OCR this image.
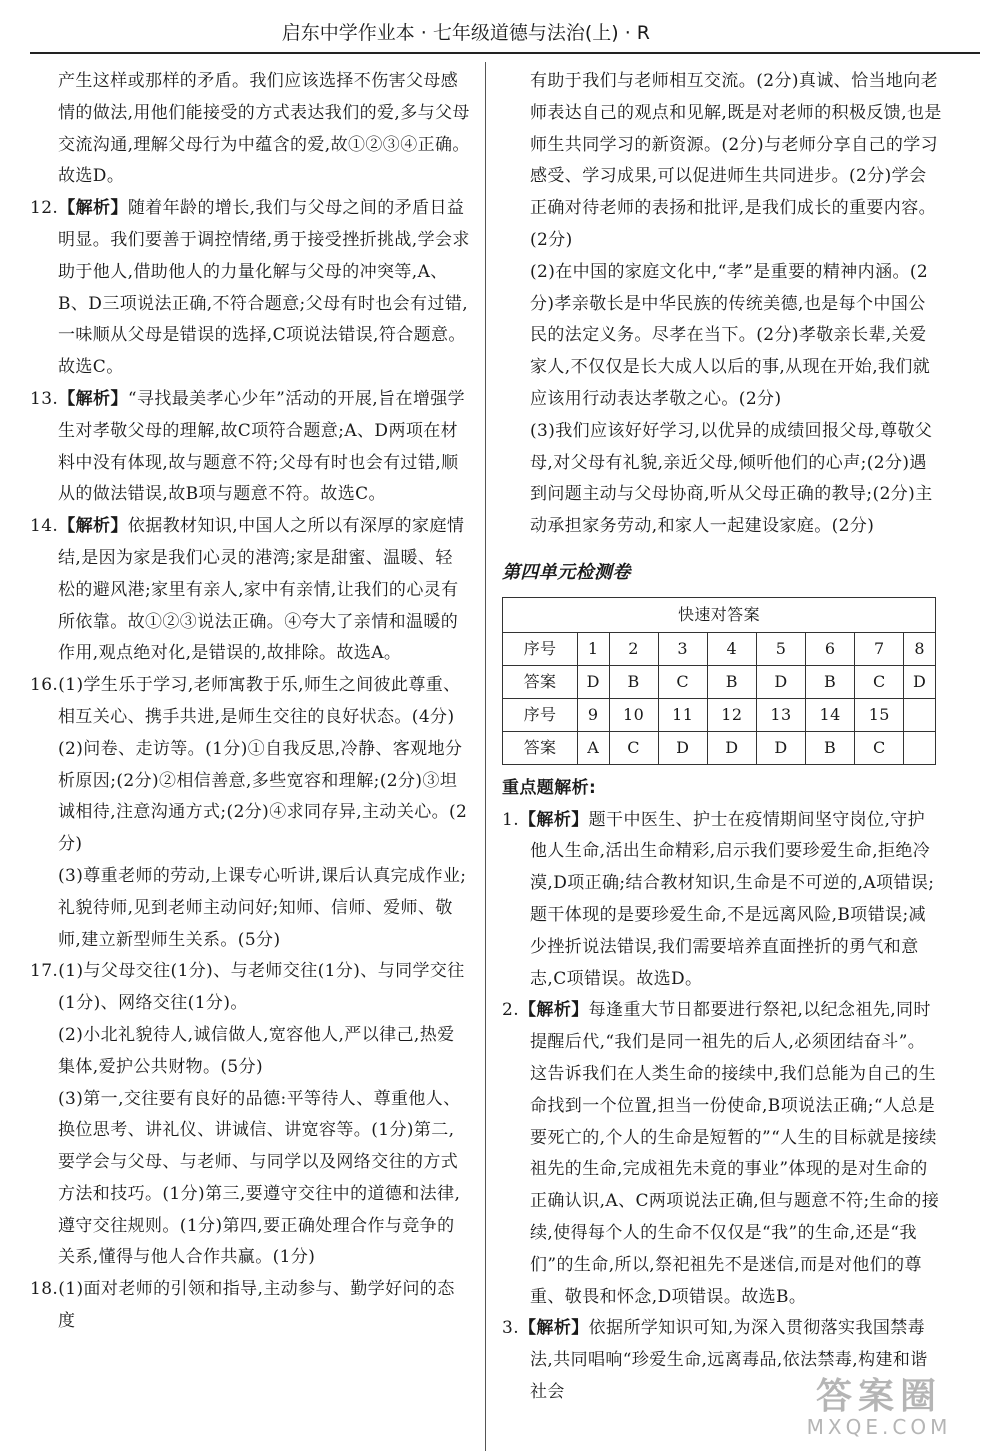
启东中学作业本 · 七年级道德与法治(上) · R

产生这样或那样的矛盾。我们应该选择不伤害父母感情的做法,用他们能接受的方式表达我们的爱,多与父母交流沟通,理解父母行为中蕴含的爱,故①②③④正确。故选D。

12.【解析】随着年龄的增长,我们与父母之间的矛盾日益明显。我们要善于调控情绪,勇于接受挫折挑战,学会求助于他人,借助他人的力量化解与父母的冲突等,A、B、D三项说法正确,不符合题意;父母有时也会有过错,一味顺从父母是错误的选择,C项说法错误,符合题意。故选C。

13.【解析】“寻找最美孝心少年”活动的开展,旨在增强学生对孝敬父母的理解,故C项符合题意;A、D两项在材料中没有体现,故与题意不符;父母有时也会有过错,顺从的做法错误,故B项与题意不符。故选C。

14.【解析】依据教材知识,中国人之所以有深厚的家庭情结,是因为家是我们心灵的港湾;家是甜蜜、温暖、轻松的避风港;家里有亲人,家中有亲情,让我们的心灵有所依靠。故①②③说法正确。④夸大了亲情和温暖的作用,观点绝对化,是错误的,故排除。故选A。

16.(1)学生乐于学习,老师寓教于乐,师生之间彼此尊重、相互关心、携手共进,是师生交往的良好状态。(4分)

(2)问卷、走访等。(1分)①自我反思,冷静、客观地分析原因;(2分)②相信善意,多些宽容和理解;(2分)③坦诚相待,注意沟通方式;(2分)④求同存异,主动关心。(2分)

(3)尊重老师的劳动,上课专心听讲,课后认真完成作业;礼貌待师,见到老师主动问好;知师、信师、爱师、敬师,建立新型师生关系。(5分)

17.(1)与父母交往(1分)、与老师交往(1分)、与同学交往(1分)、网络交往(1分)。

(2)小北礼貌待人,诚信做人,宽容他人,严以律己,热爱集体,爱护公共财物。(5分)

(3)第一,交往要有良好的品德:平等待人、尊重他人、换位思考、讲礼仪、讲诚信、讲宽容等。(1分)第二,要学会与父母、与老师、与同学以及网络交往的方式方法和技巧。(1分)第三,要遵守交往中的道德和法律,遵守交往规则。(1分)第四,要正确处理合作与竞争的关系,懂得与他人合作共赢。(1分)

18.(1)面对老师的引领和指导,主动参与、勤学好问的态度

有助于我们与老师相互交流。(2分)真诚、恰当地向老师表达自己的观点和见解,既是对老师的积极反馈,也是师生共同学习的新资源。(2分)与老师分享自己的学习感受、学习成果,可以促进师生共同进步。(2分)学会正确对待老师的表扬和批评,是我们成长的重要内容。(2分)

(2)在中国的家庭文化中,“孝”是重要的精神内涵。(2分)孝亲敬长是中华民族的传统美德,也是每个中国公民的法定义务。尽孝在当下。(2分)孝敬亲长辈,关爱家人,不仅仅是长大成人以后的事,从现在开始,我们就应该用行动表达孝敬之心。(2分)

(3)我们应该好好学习,以优异的成绩回报父母,尊敬父母,对父母有礼貌,亲近父母,倾听他们的心声;(2分)遇到问题主动与父母协商,听从父母正确的教导;(2分)主动承担家务劳动,和家人一起建设家庭。(2分)

第四单元检测卷
快速对答案								
序号	1	2	3	4	5	6	7	8
答案	D	B	C	B	D	B	C	D
序号	9	10	11	12	13	14	15	
答案	A	C	D	D	D	B	C	
重点题解析:

1.【解析】题干中医生、护士在疫情期间坚守岗位,守护他人生命,活出生命精彩,启示我们要珍爱生命,拒绝冷漠,D项正确;结合教材知识,生命是不可逆的,A项错误;题干体现的是要珍爱生命,不是远离风险,B项错误;减少挫折说法错误,我们需要培养直面挫折的勇气和意志,C项错误。故选D。

2.【解析】每逢重大节日都要进行祭祀,以纪念祖先,同时提醒后代,“我们是同一祖先的后人,必须团结奋斗”。这告诉我们在人类生命的接续中,我们总能为自己的生命找到一个位置,担当一份使命,B项说法正确;“人总是要死亡的,个人的生命是短暂的”“人生的目标就是接续祖先的生命,完成祖先未竟的事业”体现的是对生命的正确认识,A、C两项说法正确,但与题意不符;生命的接续,使得每个人的生命不仅仅是“我”的生命,还是“我们”的生命,所以,祭祀祖先不是迷信,而是对他们的尊重、敬畏和怀念,D项错误。故选B。

3.【解析】依据所学知识可知,为深入贯彻落实我国禁毒法,共同唱响“珍爱生命,远离毒品,依法禁毒,构建和谐社会	答案圈
MXQE.COM
